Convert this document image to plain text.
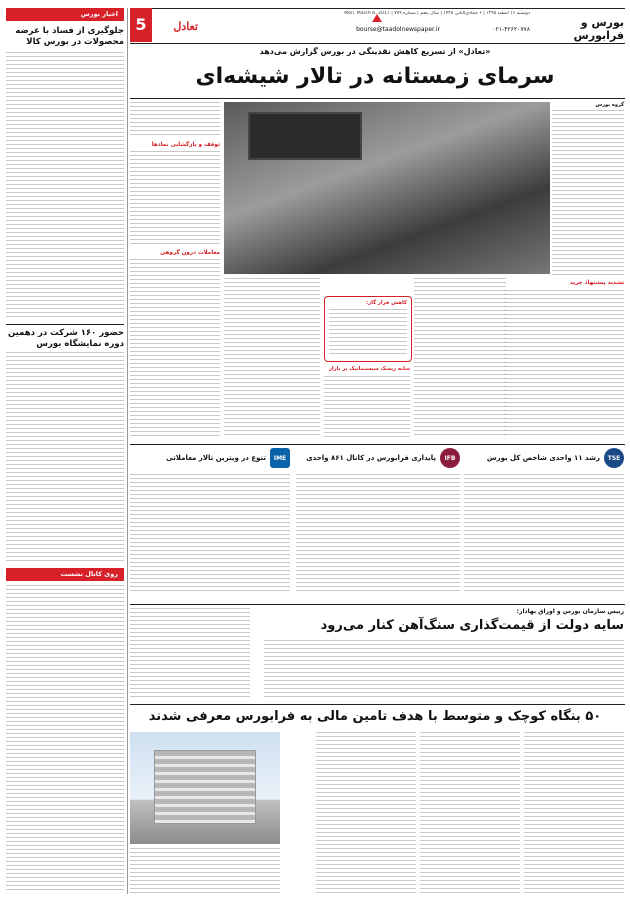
بورس و فرابورس
دوشنبه ۱۶ اسفند ۱۳۹۵ | ۶ جمادی‌الثانی ۱۴۳۸ | سال پنجم | شماره ۷۷۹ | Mon. March 6. 2017
bourse@taadolnewspaper.ir	۰۲۱-۴۲۶۲۰۷۷۸
تعادل
5
اخبار بورس
جلوگیری از فساد با عرضه محصولات در بورس کالا
حضور ۱۶۰ شرکت در دهمین دوره نمایشگاه بورس
روی کانال نشست
«تعادل» از تسریع کاهش نقدینگی در بورس گزارش می‌دهد
سرمای زمستانه در تالار شیشه‌ای
گروه بورس
تشدید پیشنهاد خرید
توقف و بازگشایی نمادها
معاملات درون گروهی
کاهش فرار گاز:
سایه ریسک سیستماتیک بر بازار
TSE
رشد ۱۱ واحدی شاخص کل بورس
IFB
پایداری فرابورس در کانال ۸۶۱ واحدی
IME
تنوع در ویترین تالار معاملاتی
رییس سازمان بورس و اوراق بهادار:
سایه دولت از قیمت‌گذاری سنگ‌آهن کنار می‌رود
۵۰ بنگاه کوچک و متوسط با هدف تامین مالی به فرابورس معرفی شدند
